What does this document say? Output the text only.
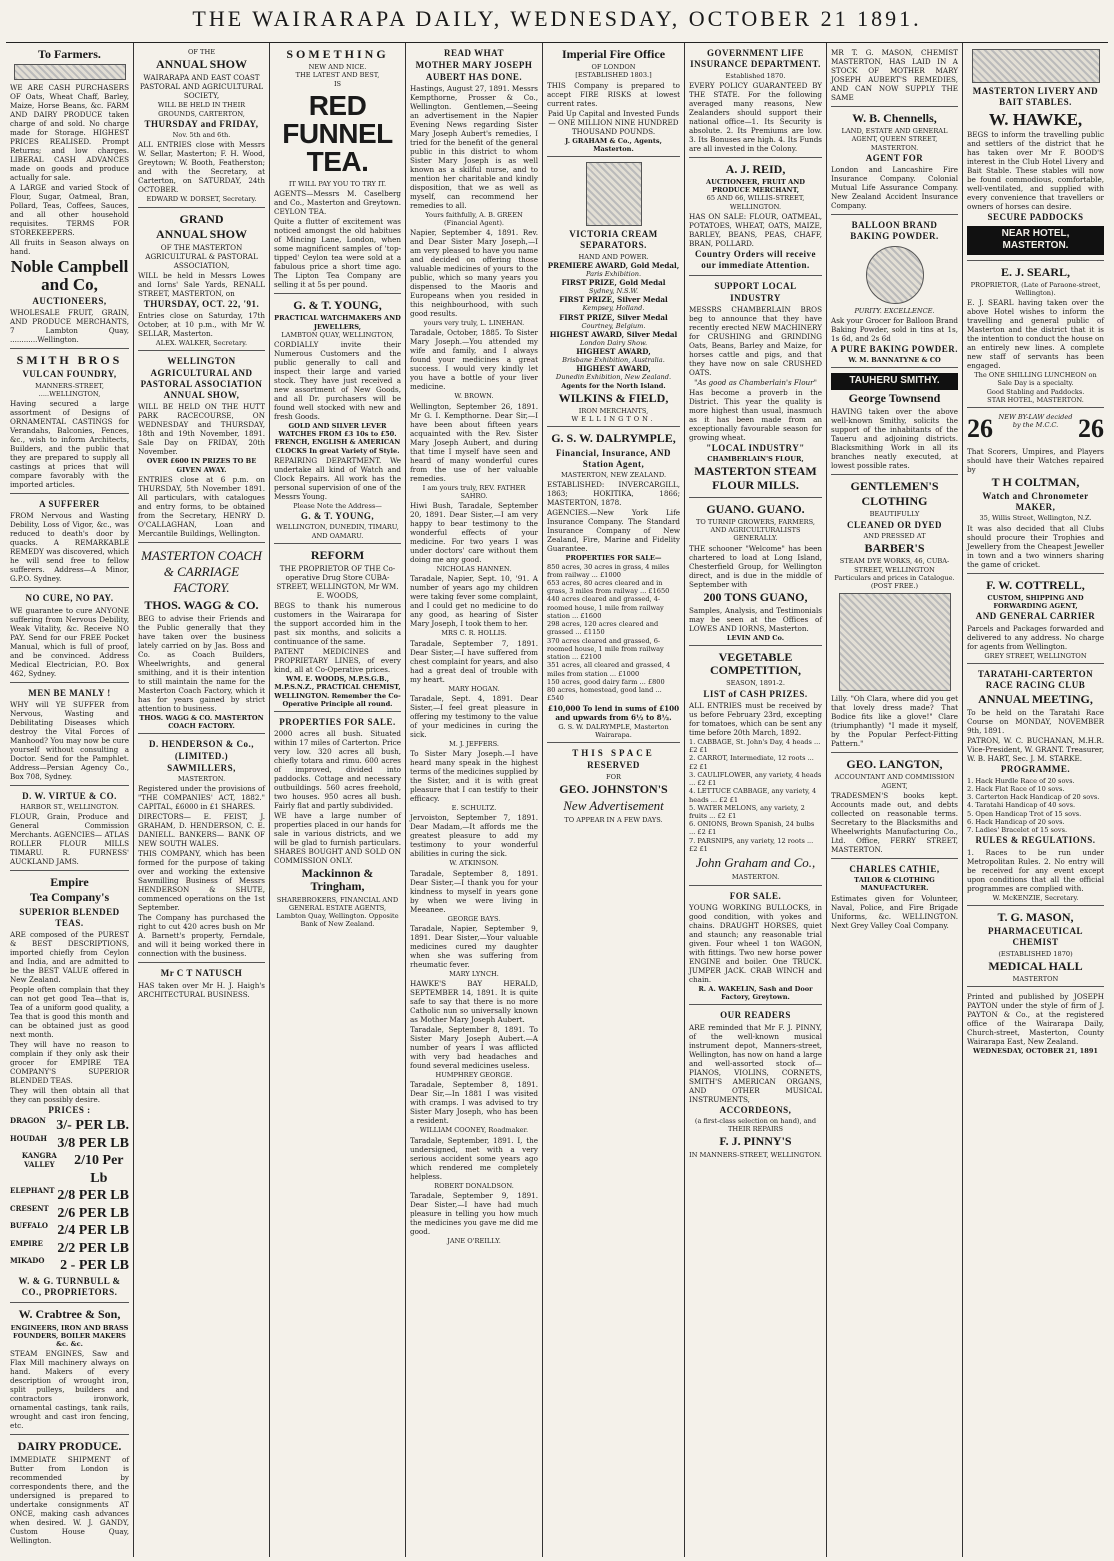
THE WAIRARAPA DAILY, WEDNESDAY, OCTOBER 21 1891.
To Farmers.
WE ARE CASH PURCHASERS OF Oats, Wheat Chaff, Barley, Maize, Horse Beans, &c. FARM AND DAIRY PRODUCE taken charge of and sold. No charge made for Storage. HIGHEST PRICES REALISED. Prompt Returns; and low charges. LIBERAL CASH ADVANCES made on goods and produce actually for sale.
A LARGE and varied Stock of Flour, Sugar, Oatmeal, Bran, Pollard, Teas, Coffees, Sauces, and all other household requisites. TERMS FOR STOREKEEPERS.
All fruits in Season always on hand.
Noble Campbell and Co,
AUCTIONEERS,
WHOLESALE FRUIT, GRAIN, AND PRODUCE MERCHANTS, 7 Lambton Quay, ............Wellington.
SMITH BROS
VULCAN FOUNDRY,
MANNERS-STREET, .....WELLINGTON,
Having secured a large assortment of Designs of ORNAMENTAL CASTINGS for Verandahs, Balconies, Fences, &c., wish to inform Architects, Builders, and the public that they are prepared to supply all castings at prices that will compare favorably with the imported articles.
A SUFFERER
FROM Nervous and Wasting Debility, Loss of Vigor, &c., was reduced to death's door by quacks. A REMARKABLE REMEDY was discovered, which he will send free to fellow sufferers. Address—A Minor, G.P.O. Sydney.
NO CURE, NO PAY.
WE guarantee to cure ANYONE suffering from Nervous Debility, Weak Vitality, &c. Receive NO PAY. Send for our FREE Pocket Manual, which is full of proof, and be convinced. Address Medical Electrician, P.O. Box 462, Sydney.
MEN BE MANLY !
WHY will YE SUFFER from Nervous, Wasting and Debilitating Diseases which destroy the Vital Forces of Manhood? You may now be cure yourself without consulting a Doctor. Send for the Pamphlet. Address—Persian Agency Co., Box 708, Sydney.
D. W. VIRTUE & CO.
HARBOR ST., WELLINGTON.
FLOUR, Grain, Produce and General Commission Merchants. AGENCIES— ATLAS ROLLER FLOUR MILLS TIMARU. R. FURNESS' AUCKLAND JAMS.
Empire
Tea Company's
SUPERIOR BLENDED TEAS.
ARE composed of the PUREST & BEST DESCRIPTIONS, imported chiefly from Ceylon and India, and are admitted to be the BEST VALUE offered in New Zealand.
People often complain that they can not get good Tea—that is, Tea of a uniform good quality, a Tea that is good this month and can be obtained just as good next month.
They will have no reason to complain if they only ask their grocer for EMPIRE TEA COMPANY'S SUPERIOR BLENDED TEAS.
They will then obtain all that they can possibly desire.
PRICES :
DRAGON 3/- PER LB.
HOUDAH 3/8 PER LB
KANGRA VALLEY	2/10 Per Lb
ELEPHANT 2/8 PER LB
CRESENT 2/6 PER LB
BUFFALO 2/4 PER LB
EMPIRE 2/2 PER LB
MIKADO 2 - PER LB
W. & G. TURNBULL & CO., PROPRIETORS.
W. Crabtree & Son,
ENGINEERS, IRON AND BRASS FOUNDERS, BOILER MAKERS &c. &c.
STEAM ENGINES, Saw and Flax Mill machinery always on hand. Makers of every description of wrought iron, split pulleys, builders and contractors ironwork, ornamental castings, tank rails, wrought and cast iron fencing, etc.
DAIRY PRODUCE.
IMMEDIATE SHIPMENT of Butter from London is recommended by correspondents there, and the undersigned is prepared to undertake consignments AT ONCE, making cash advances when desired. W. J. GANDY, Custom House Quay, Wellington.
OF THE
ANNUAL SHOW
WAIRARAPA AND EAST COAST PASTORAL AND AGRICULTURAL SOCIETY,
WILL BE HELD IN THEIR GROUNDS, CARTERTON,
THURSDAY and FRIDAY,
Nov. 5th and 6th.
ALL ENTRIES close with Messrs W. Sellar, Masterton; F. H. Wood, Greytown; W. Booth, Featherston; and with the Secretary, at Carterton, on SATURDAY, 24th OCTOBER.
EDWARD W. DORSET, Secretary.
GRAND
ANNUAL SHOW
OF THE MASTERTON AGRICULTURAL & PASTORAL ASSOCIATION,
WILL be held in Messrs Lowes and Iorns' Sale Yards, RENALL STREET, MASTERTON, on
THURSDAY, OCT. 22, '91.
Entries close on Saturday, 17th October, at 10 p.m., with Mr W. SELLAR, Masterton.
ALEX. WALKER, Secretary.
WELLINGTON AGRICULTURAL AND PASTORAL ASSOCIATION ANNUAL SHOW,
WILL BE HELD ON THE HUTT PARK RACECOURSE, ON WEDNESDAY and THURSDAY, 18th and 19th November, 1891. Sale Day on FRIDAY, 20th November.
OVER £600 IN PRIZES TO BE GIVEN AWAY.
ENTRIES close at 6 p.m. on THURSDAY, 5th November 1891. All particulars, with catalogues and entry forms, to be obtained from the Secretary, HENRY D. O'CALLAGHAN, Loan and Mercantile Buildings, Wellington.
MASTERTON COACH & CARRIAGE FACTORY.
THOS. WAGG & CO.
BEG to advise their Friends and the Public generally that they have taken over the business lately carried on by Jas. Boss and Co. as Coach Builders, Wheelwrights, and general smithing, and it is their intention to still maintain the name for the Masterton Coach Factory, which it has for years gained by strict attention to business.
THOS. WAGG & CO. MASTERTON COACH FACTORY.
D. HENDERSON & Co., (LIMITED.)
SAWMILLERS,
MASTERTON.
Registered under the provisions of "THE COMPANIES' ACT, 1882." CAPITAL, £6000 in £1 SHARES.
DIRECTORS— E. FEIST, J. GRAHAM, D. HENDERSON, C. E. DANIELL. BANKERS— BANK OF NEW SOUTH WALES.
THIS COMPANY, which has been formed for the purpose of taking over and working the extensive Sawmilling Business of Messrs HENDERSON & SHUTE, commenced operations on the 1st September.
The Company has purchased the right to cut 420 acres bush on Mr A. Barnett's property, Ferndale, and will it being worked there in connection with the business.
Mr C T NATUSCH
HAS taken over Mr H. J. Haigh's ARCHITECTURAL BUSINESS.
SOMETHING
NEW AND NICE.
THE LATEST AND BEST,
IS
RED FUNNEL TEA.
IT WILL PAY YOU TO TRY IT.
AGENTS—Messrs M. Caselberg and Co., Masterton and Greytown. CEYLON TEA.
Quite a flutter of excitement was noticed amongst the old habitues of Mincing Lane, London, when some magnificent samples of 'top-tipped' Ceylon tea were sold at a fabulous price a short time ago. The Lipton Tea Company are selling it at 5s per pound.
G. & T. YOUNG,
PRACTICAL WATCHMAKERS AND JEWELLERS,
LAMBTON QUAY, WELLINGTON,
CORDIALLY invite their Numerous Customers and the public generally to call and inspect their large and varied stock. They have just received a new assortment of New Goods, and all Dr. purchasers will be found well stocked with new and fresh Goods.
GOLD AND SILVER LEVER WATCHES FROM £3 10s to £50.
FRENCH, ENGLISH & AMERICAN CLOCKS In great Variety of Style.
REPAIRING DEPARTMENT. We undertake all kind of Watch and Clock Repairs. All work has the personal supervision of one of the Messrs Young.
Please Note the Address—
G. & T. YOUNG,
WELLINGTON, DUNEDIN, TIMARU, AND OAMARU.
REFORM
THE PROPRIETOR OF THE Co-operative Drug Store CUBA-STREET, WELLINGTON, Mr WM. E. WOODS,
BEGS to thank his numerous customers in the Wairarapa for the support accorded him in the past six months, and solicits a continuance of the same.
PATENT MEDICINES and PROPRIETARY LINES, of every kind, all at Co-Operative prices.
WM. E. WOODS, M.P.S.G.B., M.P.S.N.Z., PRACTICAL CHEMIST, WELLINGTON. Remember the Co-Operative Principle all round.
PROPERTIES FOR SALE.
2000 acres all bush. Situated within 17 miles of Carterton. Price very low. 320 acres all bush, chiefly totara and rimu. 600 acres of improved, divided into paddocks. Cottage and necessary outbuildings. 560 acres freehold, two houses. 950 acres all bush. Fairly flat and partly subdivided.
WE have a large number of properties placed in our hands for sale in various districts, and we will be glad to furnish particulars. SHARES BOUGHT AND SOLD ON COMMISSION ONLY.
Mackinnon & Tringham,
SHAREBROKERS, FINANCIAL AND GENERAL ESTATE AGENTS, Lambton Quay, Wellington. Opposite Bank of New Zealand.
READ WHAT
MOTHER MARY JOSEPH AUBERT HAS DONE.
Hastings, August 27, 1891. Messrs Kempthorne, Prosser & Co., Wellington. Gentlemen,—Seeing an advertisement in the Napier Evening News regarding Sister Mary Joseph Aubert's remedies, I tried for the benefit of the general public in this district to whom Sister Mary Joseph is as well known as a skilful nurse, and to mention her charitable and kindly disposition, that we as well as myself, can recommend her remedies to all.
Yours faithfully, A. B. GREEN (Financial Agent).
Napier, September 4, 1891. Rev. and Dear Sister Mary Joseph,—I am very pleased to have you name and decided on offering those valuable medicines of yours to the public, which so many years you dispensed to the Maoris and Europeans when you resided in this neighbourhood, with such good results.
yours very truly, L. LINEHAN.
Taradale, October, 1885. To Sister Mary Joseph.—You attended my wife and family, and I always found your medicines a great success. I would very kindly let you have a bottle of your liver medicine.
W. BROWN.
Wellington, September 26, 1891. Mr G. I. Kempthorne. Dear Sir,—I have been about fifteen years acquainted with the Rev. Sister Mary Joseph Aubert, and during that time I myself have seen and heard of many wonderful cures from the use of her valuable remedies.
I am yours truly, REV. FATHER SAHRO.
Hiwi Bush, Taradale, September 20, 1891. Dear Sister,—I am very happy to bear testimony to the wonderful effects of your medicine. For two years I was under doctors' care without them doing me any good.
NICHOLAS HANNEN.
Taradale, Napier, Sept. 10, '91. A number of years ago my children were taking fever some complaint, and I could get no medicine to do any good, as hearing of Sister Mary Joseph, I took them to her.
MRS C. R. HOLLIS.
Taradale, September 7, 1891. Dear Sister,—I have suffered from chest complaint for years, and also had a great deal of trouble with my heart.
MARY HOGAN.
Taradale, Sept. 4, 1891. Dear Sister,—I feel great pleasure in offering my testimony to the value of your medicines in curing the sick.
M. J. JEFFERS.
To Sister Mary Joseph.—I have heard many speak in the highest terms of the medicines supplied by the Sister, and it is with great pleasure that I can testify to their efficacy.
E. SCHULTZ.
Jervoiston, September 7, 1891. Dear Madam,—It affords me the greatest pleasure to add my testimony to your wonderful abilities in curing the sick.
W. ATKINSON.
Taradale, September 8, 1891. Dear Sister,—I thank you for your kindness to myself in years gone by when we were living in Meeanee.
GEORGE BAYS.
Taradale, Napier, September 9, 1891. Dear Sister,—Your valuable medicines cured my daughter when she was suffering from rheumatic fever.
MARY LYNCH.
HAWKE'S BAY HERALD, SEPTEMBER 14, 1891. It is quite safe to say that there is no more Catholic nun so universally known as Mother Mary Joseph Aubert.
Taradale, September 8, 1891. To Sister Mary Joseph Aubert.—A number of years I was afflicted with very bad headaches and found several medicines useless.
HUMPHREY GEORGE.
Taradale, September 8, 1891. Dear Sir,—In 1881 I was visited with cramps. I was advised to try Sister Mary Joseph, who has been a resident.
WILLIAM COONEY, Roadmaker.
Taradale, September, 1891. I, the undersigned, met with a very serious accident some years ago which rendered me completely helpless.
ROBERT DONALDSON.
Taradale, September 9, 1891. Dear Sister,—I have had much pleasure in telling you how much the medicines you gave me did me good.
JANE O'REILLY.
Imperial Fire Office
OF LONDON
[ESTABLISHED 1803.]
THIS Company is prepared to accept FIRE RISKS at lowest current rates.
Paid Up Capital and Invested Funds— ONE MILLION NINE HUNDRED THOUSAND POUNDS.
J. GRAHAM & Co., Agents, Masterton.
VICTORIA CREAM SEPARATORS.
HAND AND POWER.
PREMIERE AWARD, Gold Medal,
Paris Exhibition.
FIRST PRIZE, Gold Medal
Sydney, N.S.W.
FIRST PRIZE, Silver Medal
Kempsey, Holland.
FIRST PRIZE, Silver Medal
Courtney, Belgium.
HIGHEST AWARD, Silver Medal
London Dairy Show.
HIGHEST AWARD,
Brisbane Exhibition, Australia.
HIGHEST AWARD,
Dunedin Exhibition, New Zealand.
Agents for the North Island.
WILKINS & FIELD,
IRON MERCHANTS,
WELLINGTON.
G. S. W. DALRYMPLE,
Financial, Insurance, AND Station Agent,
MASTERTON, NEW ZEALAND.
ESTABLISHED: INVERCARGILL, 1863; HOKITIKA, 1866; MASTERTON, 1878.
AGENCIES.—New York Life Insurance Company. The Standard Insurance Company of New Zealand, Fire, Marine and Fidelity Guarantee.
PROPERTIES FOR SALE—
850 acres, 30 acres in grass, 4 miles from railway ... £1000
653 acres, 80 acres cleared and in grass, 3 miles from railway ... £1650
440 acres cleared and grassed, 4-roomed house, 1 mile from railway station ... £1600
298 acres, 120 acres cleared and grassed ... £1150
370 acres cleared and grassed, 6-roomed house, 1 mile from railway station ... £2100
351 acres, all cleared and grassed, 4 miles from station ... £1000
150 acres, good dairy farm ... £800
80 acres, homestead, good land ... £540
£10,000 To lend in sums of £100 and upwards from 6½ to 8½.
G. S. W. DALRYMPLE, Masterton Wairarapa.
THIS SPACE
RESERVED
FOR
GEO. JOHNSTON'S
New Advertisement
TO APPEAR IN A FEW DAYS.
GOVERNMENT LIFE INSURANCE DEPARTMENT.
Established 1870.
EVERY POLICY GUARANTEED BY THE STATE. For the following averaged many reasons, New Zealanders should support their national office—1. Its Security is absolute. 2. Its Premiums are low. 3. Its Bonuses are high. 4. Its Funds are all invested in the Colony.
A. J. REID,
AUCTIONEER, FRUIT AND PRODUCE MERCHANT,
65 AND 66, WILLIS-STREET, WELLINGTON.
HAS ON SALE: FLOUR, OATMEAL, POTATOES, WHEAT, OATS, MAIZE, BARLEY, BEANS, PEAS, CHAFF, BRAN, POLLARD.
Country Orders will receive our immediate Attention.
SUPPORT LOCAL INDUSTRY
MESSRS CHAMBERLAIN BROS beg to announce that they have recently erected NEW MACHINERY for CRUSHING and GRINDING Oats, Beans, Barley and Maize, for horses cattle and pigs, and that they have now on sale CRUSHED OATS.
"As good as Chamberlain's Flour"
Has become a proverb in the District. This year the quality is more highest than usual, inasmuch as it has been made from an exceptionally favourable season for growing wheat.
"LOCAL INDUSTRY"
CHAMBERLAIN'S FLOUR,
MASTERTON STEAM FLOUR MILLS.
GUANO. GUANO.
TO TURNIP GROWERS, FARMERS, AND AGRICULTURALISTS GENERALLY.
THE schooner "Welcome" has been chartered to load at Long Island, Chesterfield Group, for Wellington direct, and is due in the middle of September with
200 TONS GUANO,
Samples, Analysis, and Testimonials may be seen at the Offices of LOWES AND IORNS, Masterton.
LEVIN AND Co.
VEGETABLE COMPETITION,
SEASON, 1891-2.
LIST of CASH PRIZES.
ALL ENTRIES must be received by us before February 23rd, excepting for tomatoes, which can be sent any time before 20th March, 1892.
1. CABBAGE, St. John's Day, 4 heads ... £2 £1
2. CARROT, Intermediate, 12 roots ... £2 £1
3. CAULIFLOWER, any variety, 4 heads ... £2 £1
4. LETTUCE CABBAGE, any variety, 4 heads ... £2 £1
5. WATER MELONS, any variety, 2 fruits ... £2 £1
6. ONIONS, Brown Spanish, 24 bulbs ... £2 £1
7. PARSNIPS, any variety, 12 roots ... £2 £1
John Graham and Co.,
MASTERTON.
FOR SALE.
YOUNG WORKING BULLOCKS, in good condition, with yokes and chains. DRAUGHT HORSES, quiet and staunch; any reasonable trial given. Four wheel 1 ton WAGON, with fittings. Two new horse power ENGINE and boiler. One TRUCK. JUMPER JACK. CRAB WINCH and chain.
R. A. WAKELIN, Sash and Door Factory, Greytown.
OUR READERS
ARE reminded that Mr F. J. PINNY, of the well-known musical instrument depot, Manners-street, Wellington, has now on hand a large and well-assorted stock of— PIANOS, VIOLINS, CORNETS, SMITH'S AMERICAN ORGANS, AND OTHER MUSICAL INSTRUMENTS,
ACCORDEONS,
(a first-class selection on hand), and THEIR REPAIRS
F. J. PINNY'S
IN MANNERS-STREET, WELLINGTON.
MR T. G. MASON, CHEMIST MASTERTON, HAS LAID IN A STOCK OF MOTHER MARY JOSEPH AUBERT'S REMEDIES, AND CAN NOW SUPPLY THE SAME
W. B. Chennells,
LAND, ESTATE AND GENERAL AGENT, QUEEN STREET, MASTERTON.
AGENT FOR
London and Lancashire Fire Insurance Company. Colonial Mutual Life Assurance Company. New Zealand Accident Insurance Company.
BALLOON BRAND BAKING POWDER.
PURITY. EXCELLENCE.
Ask your Grocer for Balloon Brand Baking Powder, sold in tins at 1s, 1s 6d, and 2s 6d
A PURE BAKING POWDER.
W. M. BANNATYNE & CO
TAUHERU SMITHY.
George Townsend
HAVING taken over the above well-known Smithy, solicits the support of the inhabitants of the Taueru and adjoining districts. Blacksmithing Work in all its branches neatly executed, at lowest possible rates.
GENTLEMEN'S
CLOTHING
BEAUTIFULLY
CLEANED OR DYED
AND PRESSED AT
BARBER'S
STEAM DYE WORKS, 46, CUBA-STREET, WELLINGTON
Particulars and prices in Catalogue. (POST FREE.)
Lilly. "Oh Clara, where did you get that lovely dress made? That Bodice fits like a glove!" Clare (triumphantly) "I made it myself, by the Popular Perfect-Fitting Pattern."
GEO. LANGTON,
ACCOUNTANT AND COMMISSION AGENT,
TRADESMEN'S books kept. Accounts made out, and debts collected on reasonable terms. Secretary to the Blacksmiths and Wheelwrights Manufacturing Co., Ltd. Office, FERRY STREET, MASTERTON.
CHARLES CATHIE,
TAILOR & CLOTHING MANUFACTURER.
Estimates given for Volunteer, Naval, Police, and Fire Brigade Uniforms, &c. WELLINGTON. Next Grey Valley Coal Company.
MASTERTON LIVERY AND BAIT STABLES.
W. HAWKE,
BEGS to inform the travelling public and settlers of the district that he has taken over Mr F. BOOD'S interest in the Club Hotel Livery and Bait Stable. These stables will now be found commodious, comfortable, well-ventilated, and supplied with every convenience that travellers or owners of horses can desire.
SECURE PADDOCKS
NEAR HOTEL, MASTERTON.
E. J. SEARL,
PROPRIETOR, (Late of Paraone-street, Wellington).
E. J. SEARL having taken over the above Hotel wishes to inform the travelling and general public of Masterton and the district that it is the intention to conduct the house on an entirely new lines. A complete new staff of servants has been engaged.
The ONE SHILLING LUNCHEON on Sale Day is a specialty.
Good Stabling and Paddocks.
STAR HOTEL, MASTERTON.
26 NEW BY-LAW decided by the M.C.C. 26
That Scorers, Umpires, and Players should have their Watches repaired by
T H COLTMAN,
Watch and Chronometer MAKER,
35, Willis Street, Wellington, N.Z.
It was also decided that all Clubs should procure their Trophies and Jewellery from the Cheapest Jeweller in town and a two winners sharing the game of cricket.
F. W. COTTRELL,
CUSTOM, SHIPPING AND FORWARDING AGENT,
AND GENERAL CARRIER
Parcels and Packages forwarded and delivered to any address. No charge for agents from Wellington.
GREY STREET, WELLINGTON
TARATAHI-CARTERTON RACE RACING CLUB
ANNUAL MEETING,
To be held on the Taratahi Race Course on MONDAY, NOVEMBER 9th, 1891.
PATRON, W. C. BUCHANAN, M.H.R. Vice-President, W. GRANT. Treasurer, W. B. HART, Sec. J. M. STARKE.
PROGRAMME.
1. Hack Hurdle Race of 20 sovs.
2. Hack Flat Race of 10 sovs.
3. Carterton Hack Handicap of 20 sovs.
4. Taratahi Handicap of 40 sovs.
5. Open Handicap Trot of 15 sovs.
6. Hack Handicap of 20 sovs.
7. Ladies' Bracelet of 15 sovs.
RULES & REGULATIONS.
1. Races to be run under Metropolitan Rules. 2. No entry will be received for any event except upon conditions that all the official programmes are complied with.
W. McKENZIE, Secretary.
T. G. MASON,
PHARMACEUTICAL CHEMIST
(ESTABLISHED 1870)
MEDICAL HALL
MASTERTON
Printed and published by JOSEPH PAYTON under the style of firm of J. PAYTON & Co., at the registered office of the Wairarapa Daily, Church-street, Masterton, County Wairarapa East, New Zealand.
WEDNESDAY, OCTOBER 21, 1891
